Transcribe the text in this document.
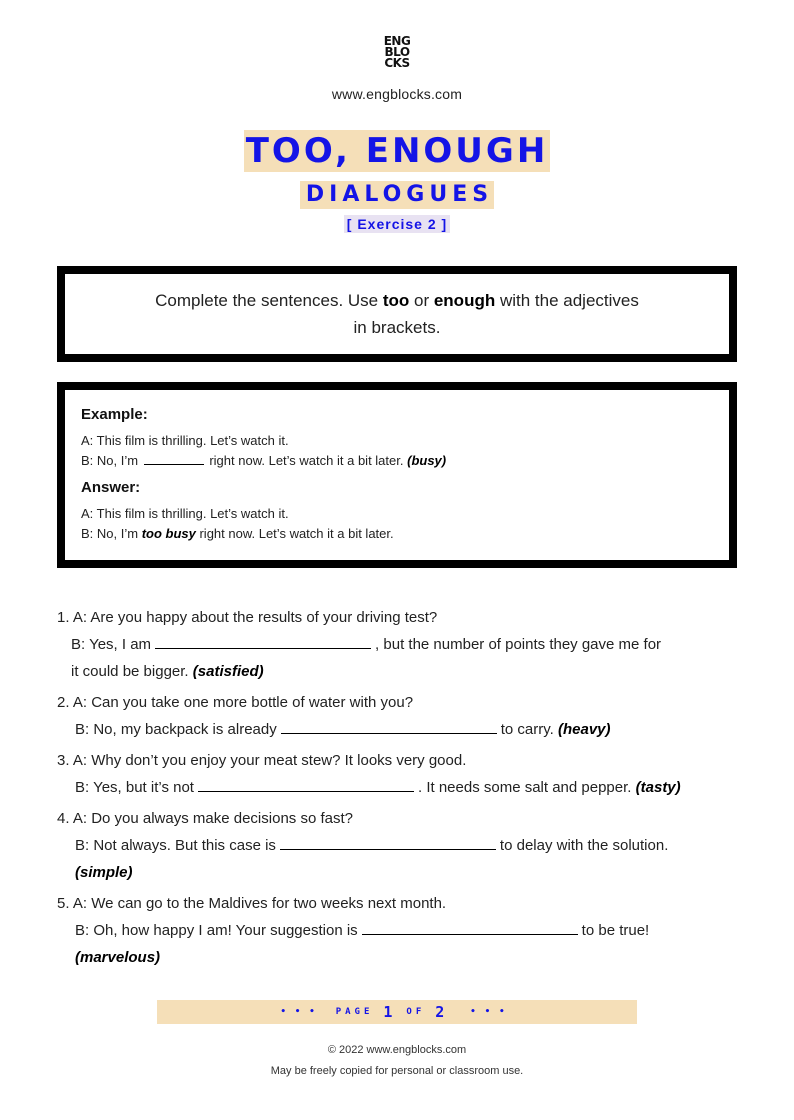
ENG
BLO
CKS
www.engblocks.com
TOO, ENOUGH
DIALOGUES
[ Exercise 2 ]
Complete the sentences. Use too or enough with the adjectives
in brackets.
Example:
A: This film is thrilling. Let’s watch it.
B: No, I’m	right now. Let’s watch it a bit later. (busy)
Answer:
A: This film is thrilling. Let’s watch it.
B: No, I’m too busy right now. Let’s watch it a bit later.
1. A: Are you happy about the results of your driving test?
B: Yes, I am	, but the number of points they gave me for
it could be bigger. (satisfied)
2. A: Can you take one more bottle of water with you?
B: No, my backpack is already	to carry. (heavy)
3. A: Why don’t you enjoy your meat stew? It looks very good.
B: Yes, but it’s not	. It needs some salt and pepper. (tasty)
4. A: Do you always make decisions so fast?
B: Not always. But this case is	to delay with the solution.
(simple)
5. A: We can go to the Maldives for two weeks next month.
B: Oh, how happy I am! Your suggestion is	to be true!
(marvelous)
••• PAGE 1 OF 2 •••
© 2022 www.engblocks.com
May be freely copied for personal or classroom use.
